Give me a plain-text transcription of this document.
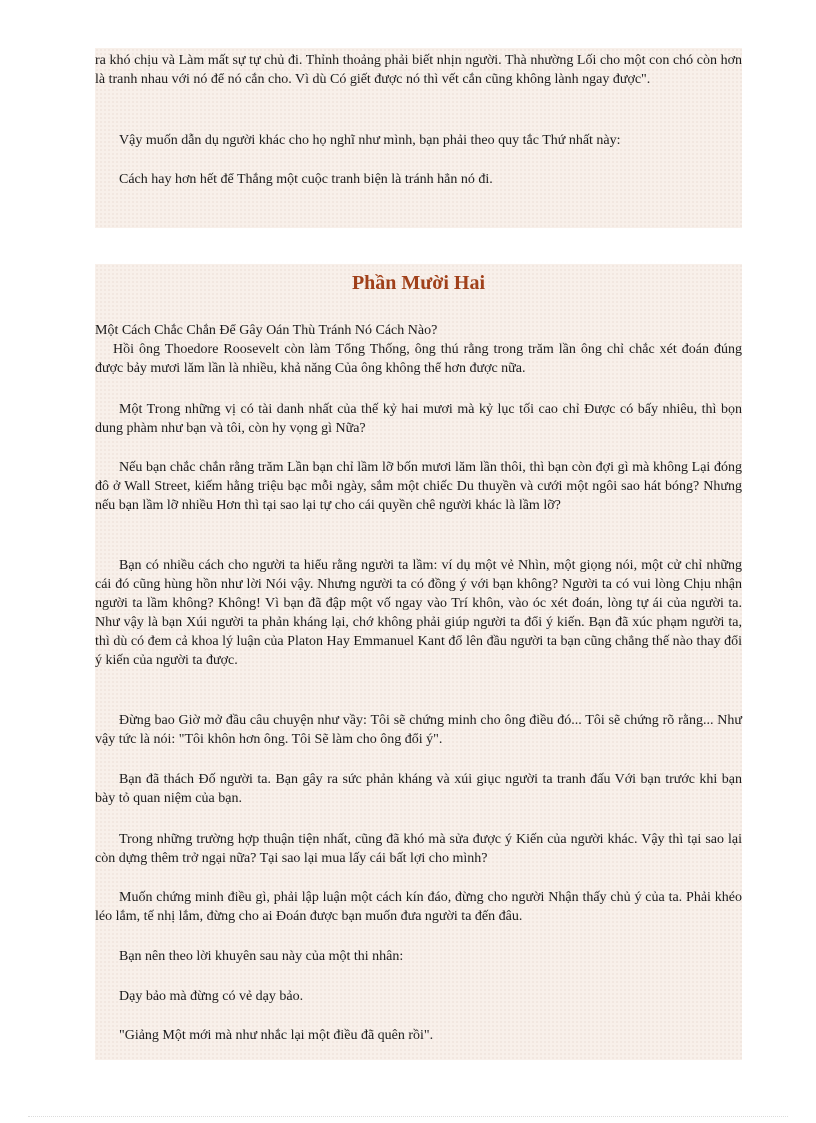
ra khó chịu và Làm mất sự tự chủ đi. Thỉnh thoảng phải biết nhịn người. Thà nhường Lối cho một con chó còn hơn là tranh nhau với nó để nó cắn cho. Vì dù Có giết được nó thì vết cắn cũng không lành ngay được".

Vậy muốn dẫn dụ người khác cho họ nghĩ như mình, bạn phải theo quy tắc Thứ nhất này:

Cách hay hơn hết để Thắng một cuộc tranh biện là tránh hẳn nó đi.

Phần Mười Hai

Một Cách Chắc Chắn Để Gây Oán Thù Tránh Nó Cách Nào?

Hồi ông Thoedore Roosevelt còn làm Tổng Thống, ông thú rằng trong trăm lần ông chỉ chắc xét đoán đúng được bảy mươi lăm lần là nhiều, khả năng Của ông không thể hơn được nữa.

Một Trong những vị có tài danh nhất của thế kỷ hai mươi mà kỷ lục tối cao chỉ Được có bấy nhiêu, thì bọn dung phàm như bạn và tôi, còn hy vọng gì Nữa?

Nếu bạn chắc chắn rằng trăm Lần bạn chỉ lầm lỡ bốn mươi lăm lần thôi, thì bạn còn đợi gì mà không Lại đóng đô ở Wall Street, kiếm hằng triệu bạc mỗi ngày, sắm một chiếc Du thuyền và cưới một ngôi sao hát bóng? Nhưng nếu bạn lầm lỡ nhiều Hơn thì tại sao lại tự cho cái quyền chê người khác là lầm lỡ?

Bạn có nhiều cách cho người ta hiểu rằng người ta lầm: ví dụ một vẻ Nhìn, một giọng nói, một cử chỉ những cái đó cũng hùng hồn như lời Nói vậy. Nhưng người ta có đồng ý với bạn không? Người ta có vui lòng Chịu nhận người ta lầm không? Không! Vì bạn đã đập một vố ngay vào Trí khôn, vào óc xét đoán, lòng tự ái của người ta. Như vậy là bạn Xúi người ta phản kháng lại, chớ không phải giúp người ta đổi ý kiến. Bạn đã xúc phạm người ta, thì dù có đem cả khoa lý luận của Platon Hay Emmanuel Kant đổ lên đầu người ta bạn cũng chẳng thế nào thay đổi ý kiến của người ta được.

Đừng bao Giờ mở đầu câu chuyện như vầy: Tôi sẽ chứng minh cho ông điều đó... Tôi sẽ chứng rõ rằng... Như vậy tức là nói: "Tôi khôn hơn ông. Tôi Sẽ làm cho ông đổi ý".

Bạn đã thách Đố người ta. Bạn gây ra sức phản kháng và xúi giục người ta tranh đấu Với bạn trước khi bạn bày tỏ quan niệm của bạn.

Trong những trường hợp thuận tiện nhất, cũng đã khó mà sửa được ý Kiến của người khác. Vậy thì tại sao lại còn dựng thêm trở ngại nữa? Tại sao lại mua lấy cái bất lợi cho mình?

Muốn chứng minh điều gì, phải lập luận một cách kín đáo, đừng cho người Nhận thấy chủ ý của ta. Phải khéo léo lắm, tế nhị lắm, đừng cho ai Đoán được bạn muốn đưa người ta đến đâu.

Bạn nên theo lời khuyên sau này của một thi nhân:

Dạy bảo mà đừng có vẻ dạy bảo.

"Giảng Một mới mà như nhắc lại một điều đã quên rồi".
